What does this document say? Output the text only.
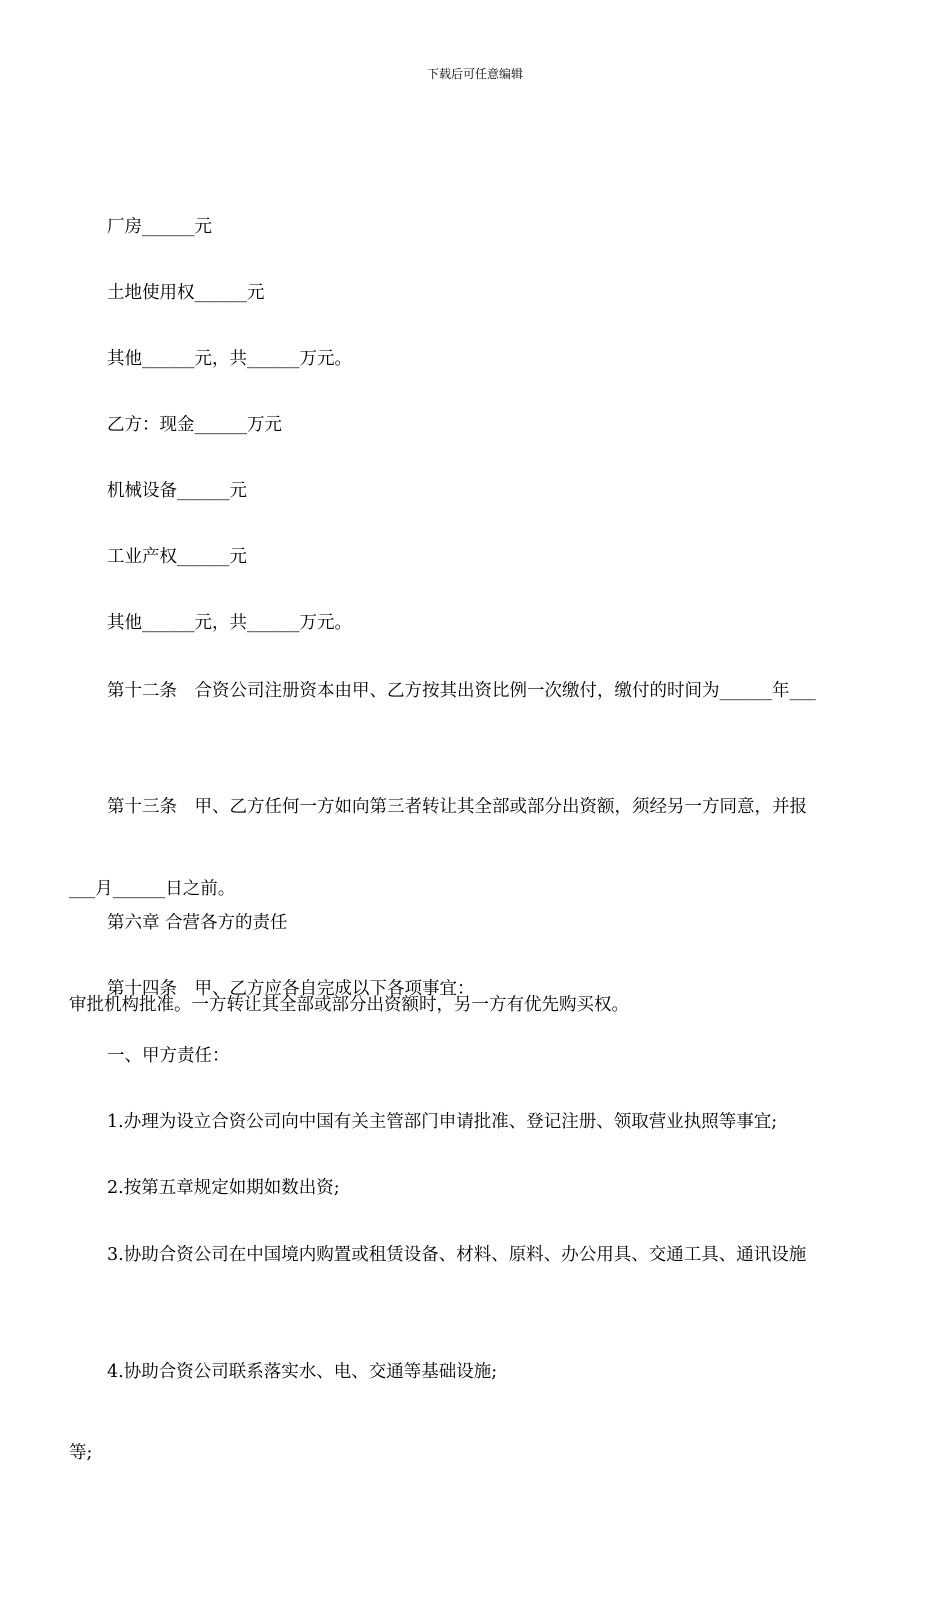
下载后可任意编辑

厂房______元

土地使用权______元

其他______元，共______万元。

乙方：现金______万元

机械设备______元

工业产权______元

其他______元，共______万元。

第十二条　合资公司注册资本由甲、乙方按其出资比例一次缴付，缴付的时间为______年___

___月______日之前。

第十三条　甲、乙方任何一方如向第三者转让其全部或部分出资额，须经另一方同意，并报

审批机构批准。一方转让其全部或部分出资额时，另一方有优先购买权。

第六章 合营各方的责任

第十四条　甲、乙方应各自完成以下各项事宜：

一、甲方责任：

1.办理为设立合资公司向中国有关主管部门申请批准、登记注册、领取营业执照等事宜;

2.按第五章规定如期如数出资;

3.协助合资公司在中国境内购置或租赁设备、材料、原料、办公用具、交通工具、通讯设施

等;

4.协助合资公司联系落实水、电、交通等基础设施;
